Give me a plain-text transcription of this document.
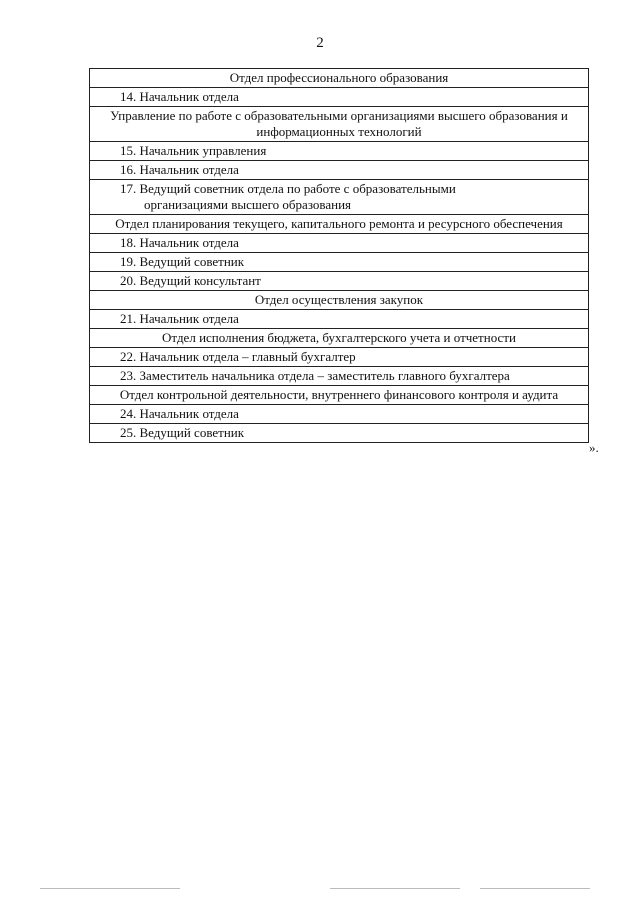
2
Отдел профессионального образования
14. Начальник отдела
Управление по работе с образовательными организациями высшего образования и информационных технологий
15. Начальник управления
16. Начальник отдела
17. Ведущий советник отдела по работе с образовательными
организациями высшего образования
Отдел планирования текущего, капитального ремонта и ресурсного обеспечения
18. Начальник отдела
19. Ведущий советник
20. Ведущий консультант
Отдел осуществления закупок
21. Начальник отдела
Отдел исполнения бюджета, бухгалтерского учета и отчетности
22. Начальник отдела – главный бухгалтер
23. Заместитель начальника отдела – заместитель главного бухгалтера
Отдел контрольной деятельности, внутреннего финансового контроля и аудита
24. Начальник отдела
25. Ведущий советник
».
